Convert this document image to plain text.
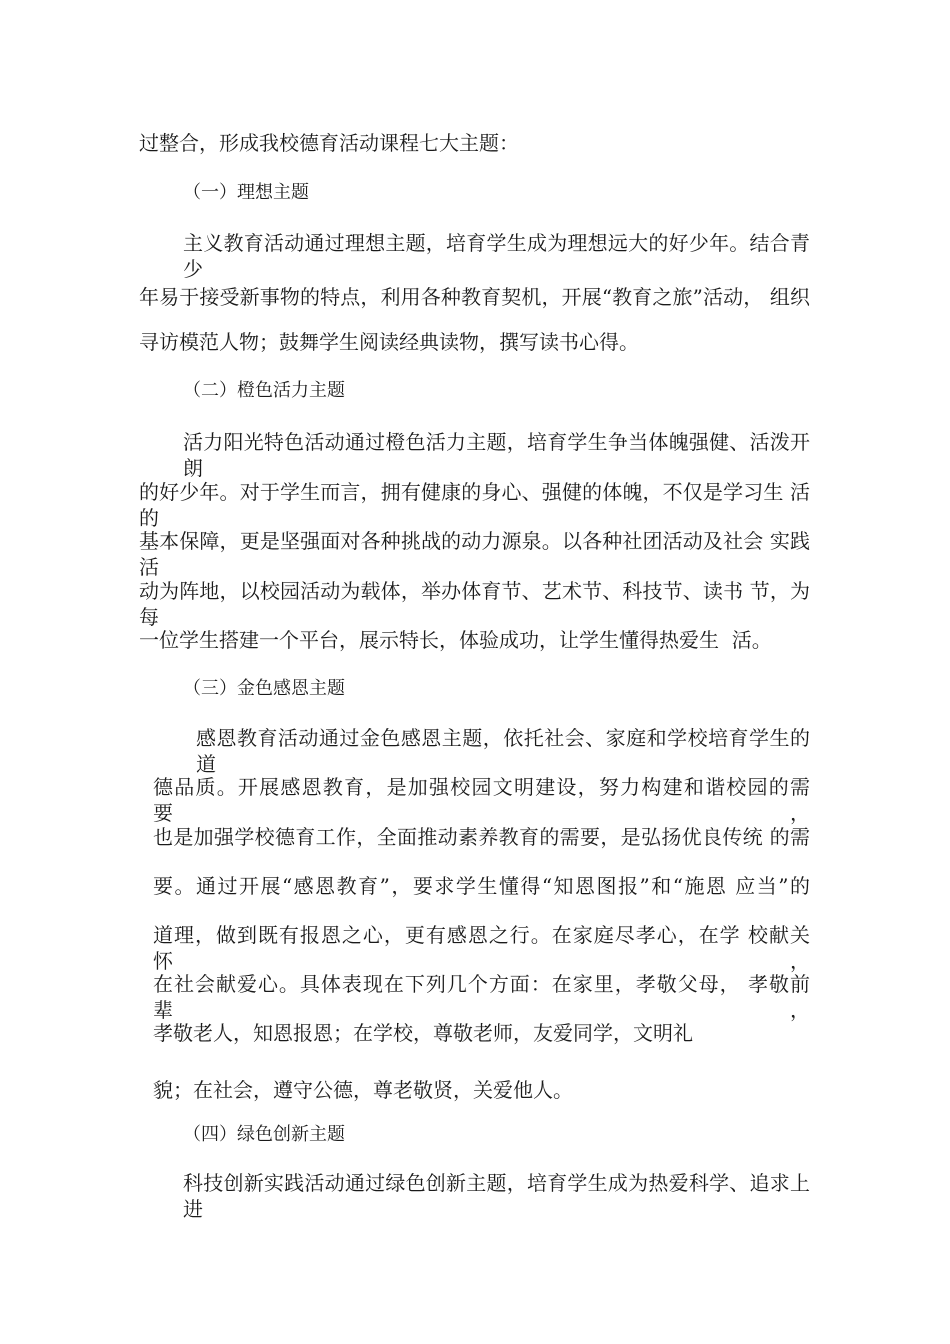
过整合，形成我校德育活动课程七大主题：
（一）理想主题
主义教育活动通过理想主题，培育学生成为理想远大的好少年。结合青 少
年易于接受新事物的特点，利用各种教育契机，开展“教育之旅”活动， 组织
寻访模范人物；鼓舞学生阅读经典读物，撰写读书心得。
（二）橙色活力主题
活力阳光特色活动通过橙色活力主题，培育学生争当体魄强健、活泼开 朗
的好少年。对于学生而言，拥有健康的身心、强健的体魄，不仅是学习生 活的
基本保障，更是坚强面对各种挑战的动力源泉。以各种社团活动及社会 实践活
动为阵地，以校园活动为载体，举办体育节、艺术节、科技节、读书 节，为每
一位学生搭建一个平台，展示特长，体验成功，让学生懂得热爱生  活。
（三）金色感恩主题
感恩教育活动通过金色感恩主题，依托社会、家庭和学校培育学生的 道
德品质。开展感恩教育，是加强校园文明建设，努力构建和谐校园的需 要，
也是加强学校德育工作，全面推动素养教育的需要，是弘扬优良传统 的需
要。通过开展“感恩教育”，要求学生懂得“知恩图报”和“施恩 应当”的
道理，做到既有报恩之心，更有感恩之行。在家庭尽孝心，在学 校献关怀，
在社会献爱心。具体表现在下列几个方面：在家里，孝敬父母， 孝敬前辈，
孝敬老人，知恩报恩；在学校，尊敬老师，友爱同学，文明礼
貌；在社会，遵守公德，尊老敬贤，关爱他人。
（四）绿色创新主题
科技创新实践活动通过绿色创新主题，培育学生成为热爱科学、追求上 进
